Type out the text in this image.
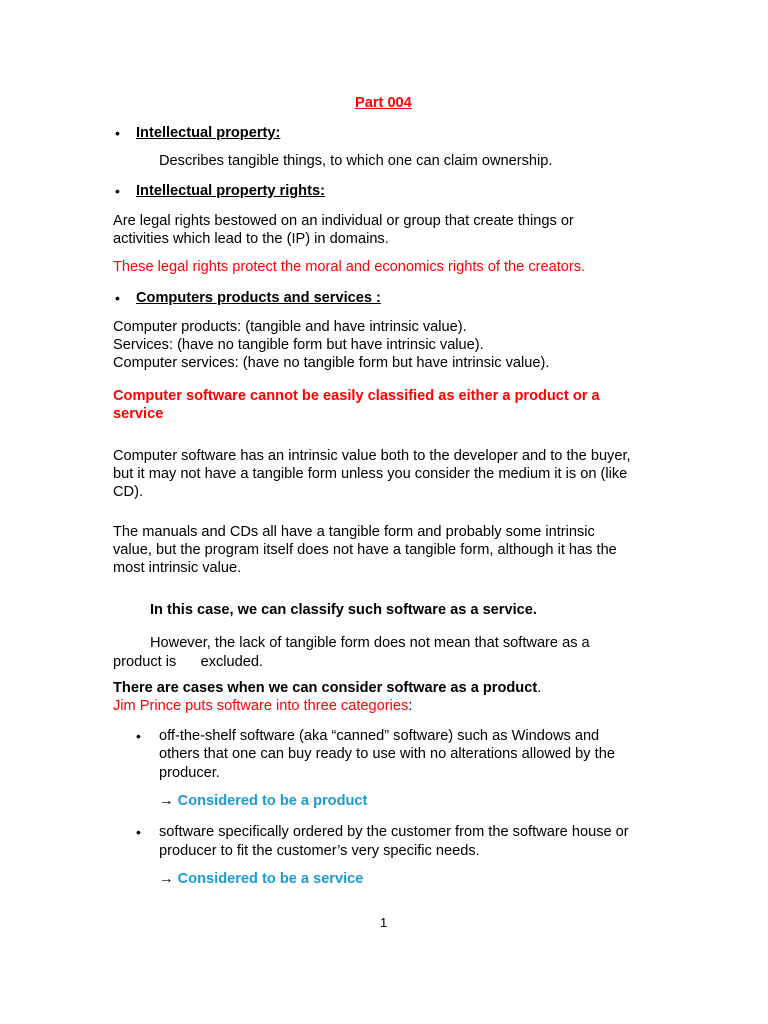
Part 004
• Intellectual property:
Describes tangible things, to which one can claim ownership.
• Intellectual property rights:
Are legal rights bestowed on an individual or group that create things or
activities which lead to the (IP) in domains.
These legal rights protect the moral and economics rights of the creators.
• Computers products and services :
Computer products: (tangible and have intrinsic value).
Services: (have no tangible form but have intrinsic value).
Computer services: (have no tangible form but have intrinsic value).
Computer software cannot be easily classified as either a product or a
service
Computer software has an intrinsic value both to the developer and to the buyer,
but it may not have a tangible form unless you consider the medium it is on (like
CD).
The manuals and CDs all have a tangible form and probably some intrinsic
value, but the program itself does not have a tangible form, although it has the
most intrinsic value.
In this case, we can classify such software as a service.
However, the lack of tangible form does not mean that software as a
product is      excluded.
There are cases when we can consider software as a product.
Jim Prince puts software into three categories:
• off-the-shelf software (aka “canned” software) such as Windows and
others that one can buy ready to use with no alterations allowed by the
producer.
→ Considered to be a product
• software specifically ordered by the customer from the software house or
producer to fit the customer’s very specific needs.
→ Considered to be a service
1
